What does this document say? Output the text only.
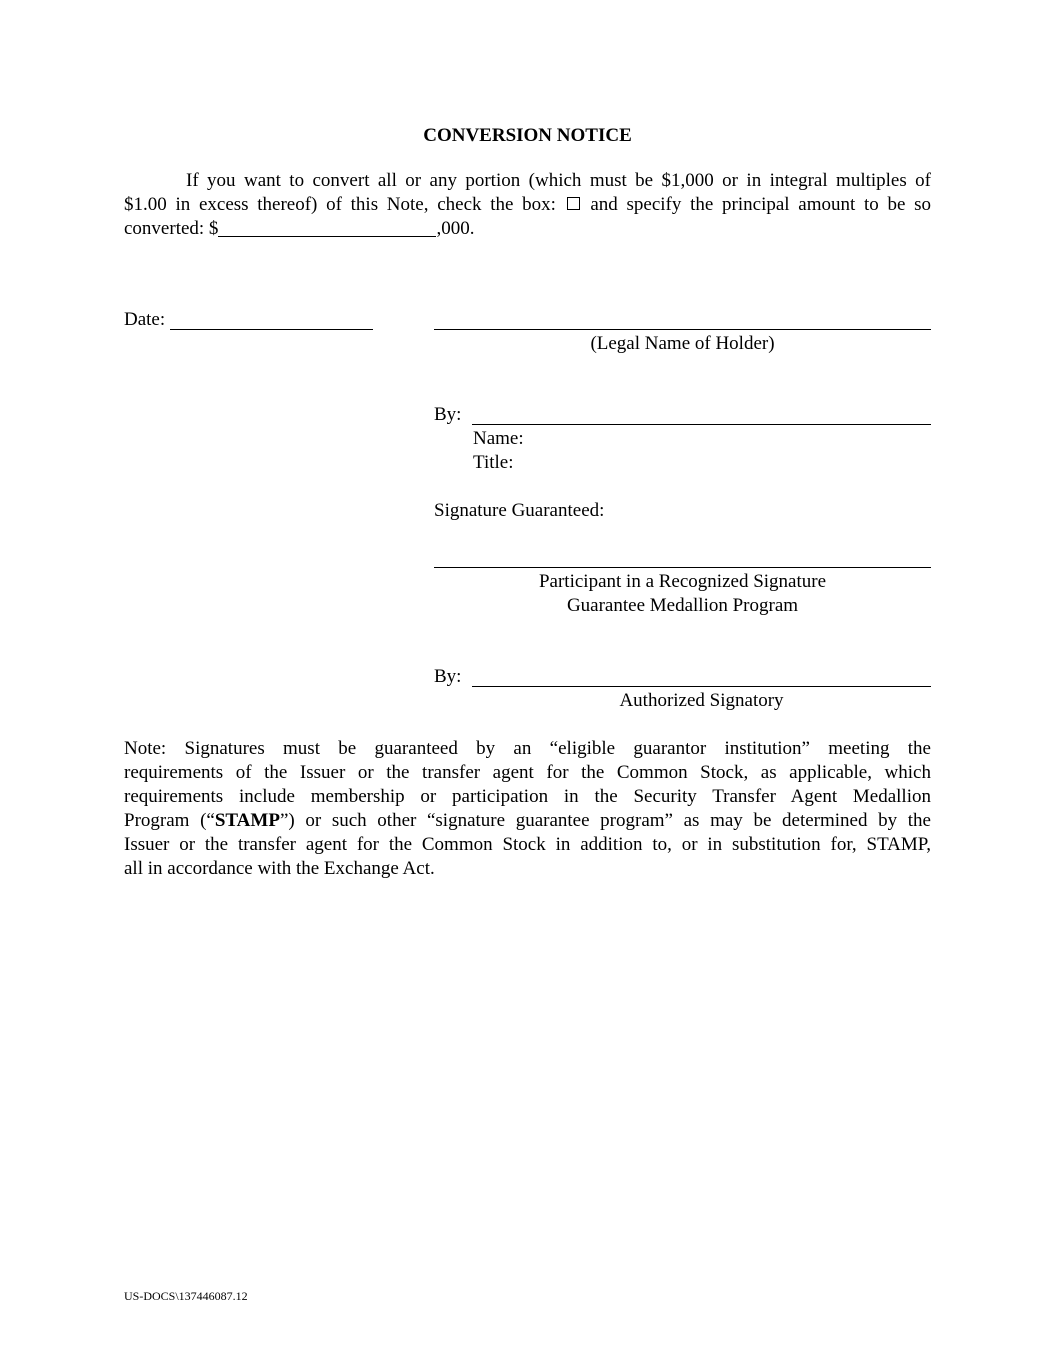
CONVERSION NOTICE
If you want to convert all or any portion (which must be $1,000 or in integral multiples of
$1.00 in excess thereof) of this Note, check the box: and specify the principal amount to be so
converted: $	,000.
Date:
(Legal Name of Holder)
By:
Name:
Title:
Signature Guaranteed:
Participant in a Recognized Signature
Guarantee Medallion Program
By:
Authorized Signatory
Note: Signatures must be guaranteed by an “eligible guarantor institution” meeting the
requirements of the Issuer or the transfer agent for the Common Stock, as applicable, which
requirements include membership or participation in the Security Transfer Agent Medallion
Program (“STAMP”) or such other “signature guarantee program” as may be determined by the
Issuer or the transfer agent for the Common Stock in addition to, or in substitution for, STAMP,
all in accordance with the Exchange Act.
US-DOCS\137446087.12
